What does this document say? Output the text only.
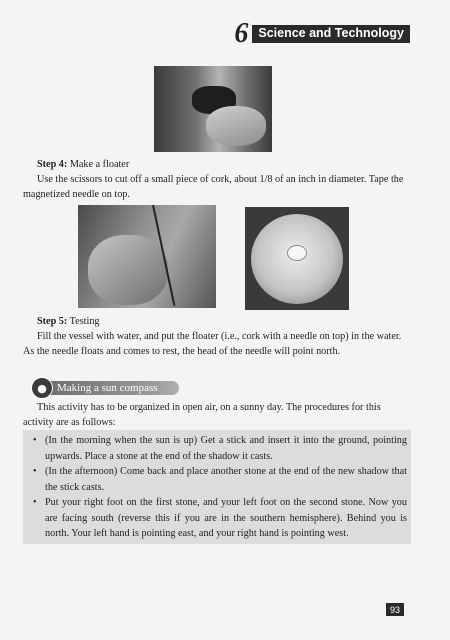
6 Science and Technology

Step 4: Make a floater

Use the scissors to cut off a small piece of cork, about 1/8 of an inch in diameter. Tape the magnetized needle on top.

Step 5: Testing

Fill the vessel with water, and put the floater (i.e., cork with a needle on top) in the water. As the needle floats and comes to rest, the head of the needle will point north.

● Making a sun compass

This activity has to be organized in open air, on a sunny day. The procedures for this activity are as follows:

• (In the morning when the sun is up) Get a stick and insert it into the ground, pointing upwards. Place a stone at the end of the shadow it casts.
• (In the afternoon) Come back and place another stone at the end of the new shadow that the stick casts.
• Put your right foot on the first stone, and your left foot on the second stone. Now you are facing south (reverse this if you are in the southern hemisphere). Behind you is north. Your left hand is pointing east, and your right hand is pointing west.
93
